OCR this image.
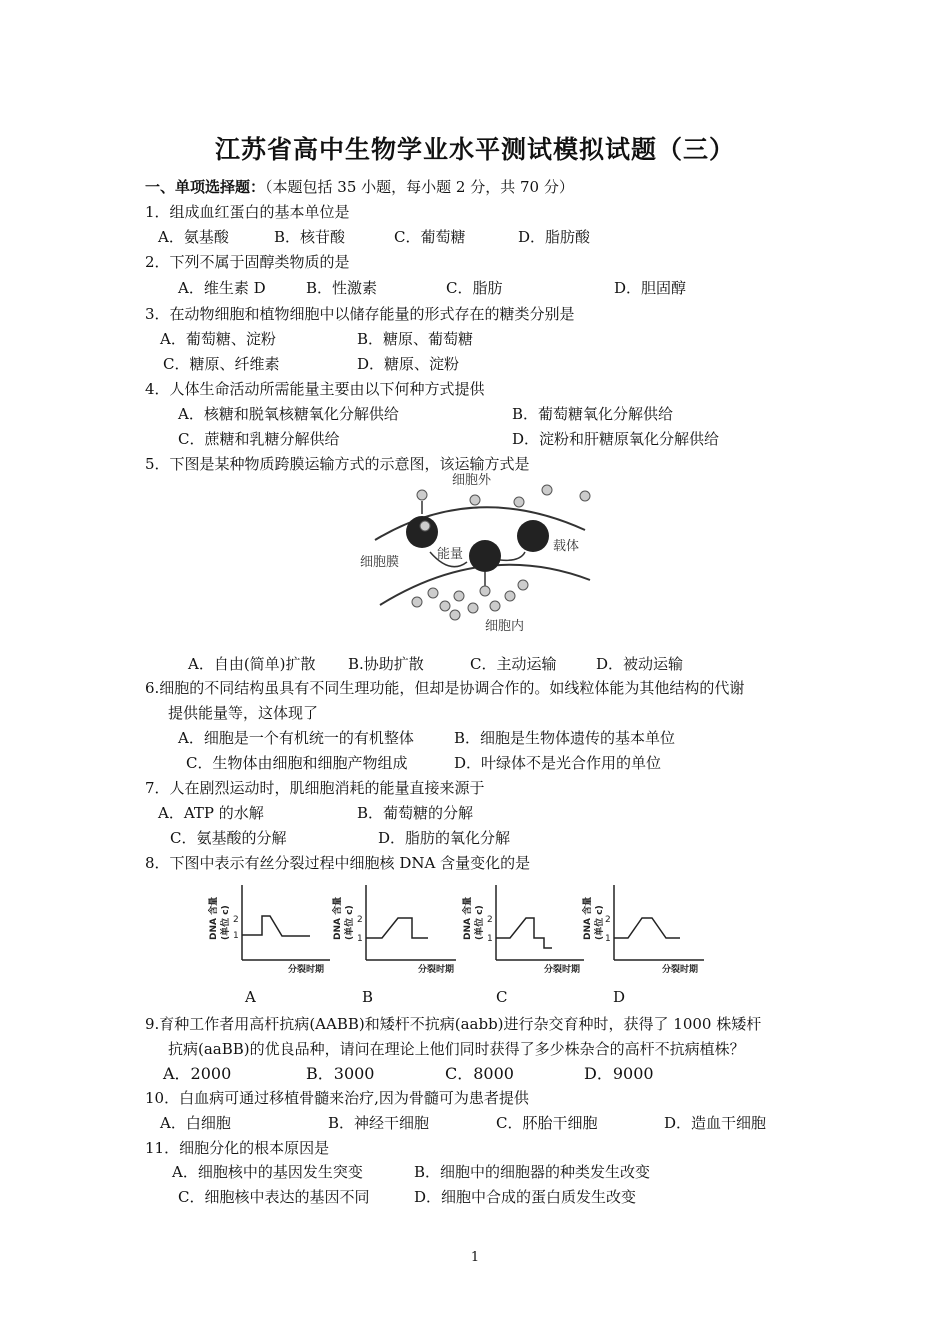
江苏省高中生物学业水平测试模拟试题（三）
一、单项选择题：（本题包括 35 小题，每小题 2 分，共 70 分）
1．组成血红蛋白的基本单位是
A．氨基酸	B．核苷酸	C．葡萄糖	D．脂肪酸
2．下列不属于固醇类物质的是
A．维生素 D	B．性激素	C．脂肪	D．胆固醇
3．在动物细胞和植物细胞中以储存能量的形式存在的糖类分别是
A．葡萄糖、淀粉	B．糖原、葡萄糖
C．糖原、纤维素	D．糖原、淀粉
4．人体生命活动所需能量主要由以下何种方式提供
A．核糖和脱氧核糖氧化分解供给	B．葡萄糖氧化分解供给
C．蔗糖和乳糖分解供给	D．淀粉和肝糖原氧化分解供给
5．下图是某种物质跨膜运输方式的示意图，该运输方式是
细胞外
细胞膜
能量
载体
细胞内
A．自由(简单)扩散 B.协助扩散	C．主动运输	D．被动运输
6.细胞的不同结构虽具有不同生理功能，但却是协调合作的。如线粒体能为其他结构的代谢
提供能量等，这体现了
A．细胞是一个有机统一的有机整体	B．细胞是生物体遗传的基本单位
C．生物体由细胞和细胞产物组成	D．叶绿体不是光合作用的单位
7．人在剧烈运动时，肌细胞消耗的能量直接来源于
A．ATP 的水解	B．葡萄糖的分解
C．氨基酸的分解	D．脂肪的氧化分解
8．下图中表示有丝分裂过程中细胞核 DNA 含量变化的是
DNA 含量 (单位 c) 2
1
分裂时期
DNA 含量 (单位 c) 2
1
分裂时期
DNA 含量 (单位 c) 2
1
分裂时期
DNA 含量 (单位 c) 2
1
分裂时期
A	B	C	D
9.育种工作者用高杆抗病(AABB)和矮杆不抗病(aabb)进行杂交育种时，获得了 1000 株矮杆
抗病(aaBB)的优良品种，请问在理论上他们同时获得了多少株杂合的高杆不抗病植株？
A．2000	B．3000	C．8000	D．9000
10．白血病可通过移植骨髓来治疗,因为骨髓可为患者提供
A．白细胞	B．神经干细胞	C．肧胎干细胞	D．造血干细胞
11．细胞分化的根本原因是
A．细胞核中的基因发生突变	B．细胞中的细胞器的种类发生改变
C．细胞核中表达的基因不同	D．细胞中合成的蛋白质发生改变
1
